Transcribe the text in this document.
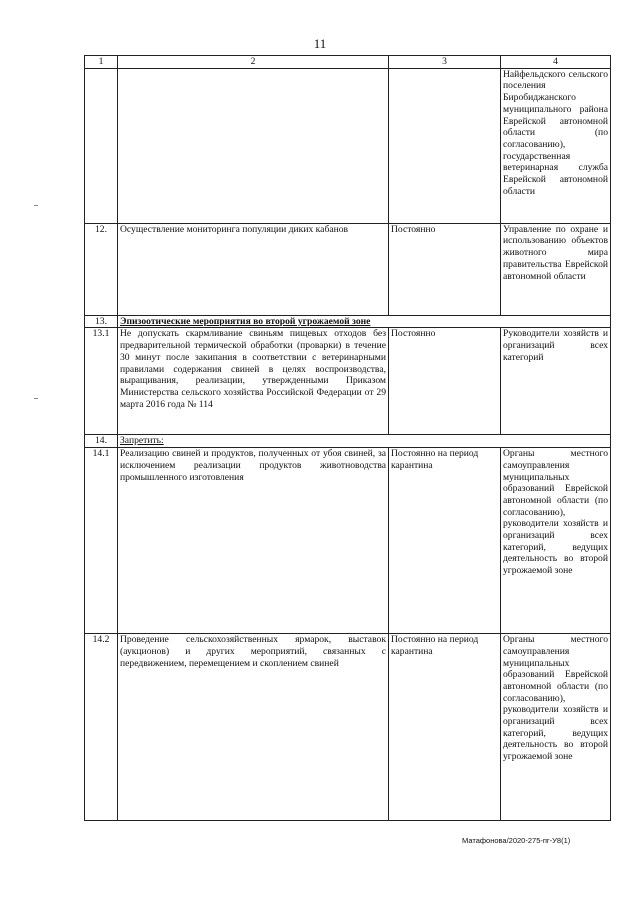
11
1	2	3	4
			Найфельдского сельского поселения Биробиджанского муниципального района Еврейской автономной области (по согласованию), государственная ветеринарная служба Еврейской автономной области
12.	Осуществление мониторинга популяции диких кабанов	Постоянно	Управление по охране и использованию объектов животного мира правительства Еврейской автономной области
13.	Эпизоотические мероприятия во второй угрожаемой зоне		
13.1	Не допускать скармливание свиньям пищевых отходов без предварительной термической обработки (проварки) в течение 30 минут после закипания в соответствии с ветеринарными правилами содержания свиней в целях воспроизводства, выращивания, реализации, утвержденными Приказом Министерства сельского хозяйства Российской Федерации от 29 марта 2016 года № 114	Постоянно	Руководители хозяйств и организаций всех категорий
14.	Запретить:		
14.1	Реализацию свиней и продуктов, полученных от убоя свиней, за исключением реализации продуктов животноводства промышленного изготовления	Постоянно на период карантина	Органы местного самоуправления муниципальных образований Еврейской автономной области (по согласованию), руководители хозяйств и организаций всех категорий, ведущих деятельность во второй угрожаемой зоне
14.2	Проведение сельскохозяйственных ярмарок, выставок (аукционов) и других мероприятий, связанных с передвижением, перемещением и скоплением свиней	Постоянно на период карантина	Органы местного самоуправления муниципальных образований Еврейской автономной области (по согласованию), руководители хозяйств и организаций всех категорий, ведущих деятельность во второй угрожаемой зоне
Матафонова/2020-275-пг-У8(1)
